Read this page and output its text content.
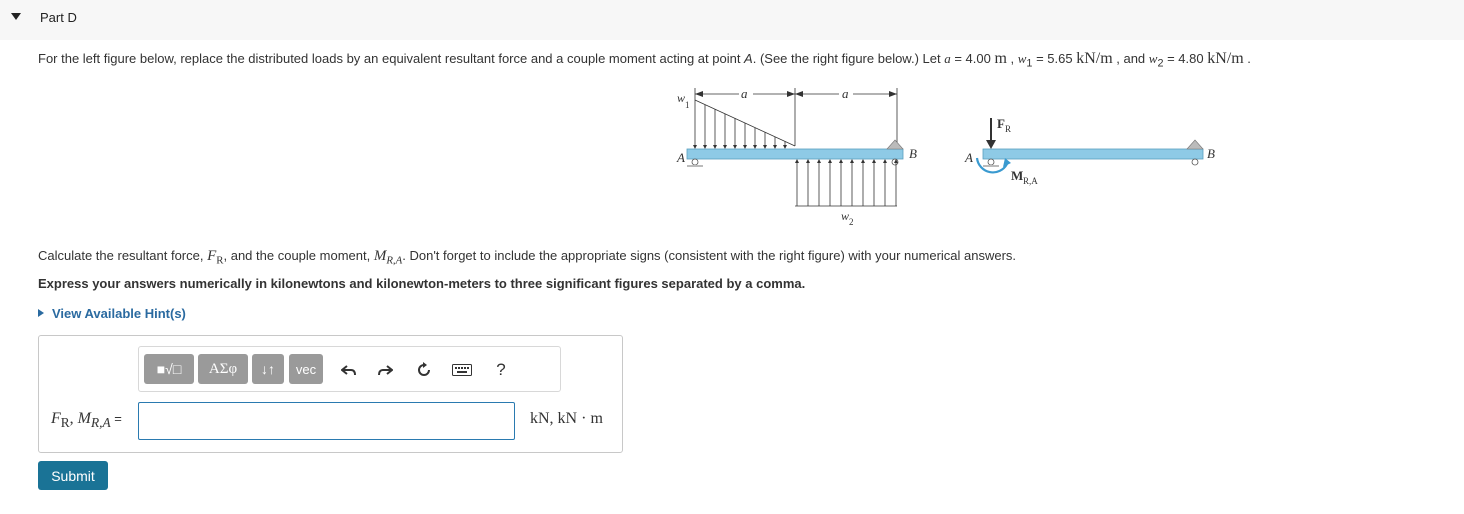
Part D
For the left figure below, replace the distributed loads by an equivalent resultant force and a couple moment acting at point A. (See the right figure below.) Let a = 4.00 m , $w_1 = 5.65$ kN/m , and $w_2 = 4.80$ kN/m .
a	a
w 1
A	B
w 2
A	B
F R
M R,A
Calculate the resultant force, $F_R$, and the couple moment, $M_{R,A}$. Don't forget to include the appropriate signs (consistent with the right figure) with your numerical answers.
Express your answers numerically in kilonewtons and kilonewton-meters to three significant figures separated by a comma.
View Available Hint(s)
■√□	ΑΣφ	↓↑	vec	?
$F_R$, $M_{R,A}$ =	kN, kN · m
Submit
